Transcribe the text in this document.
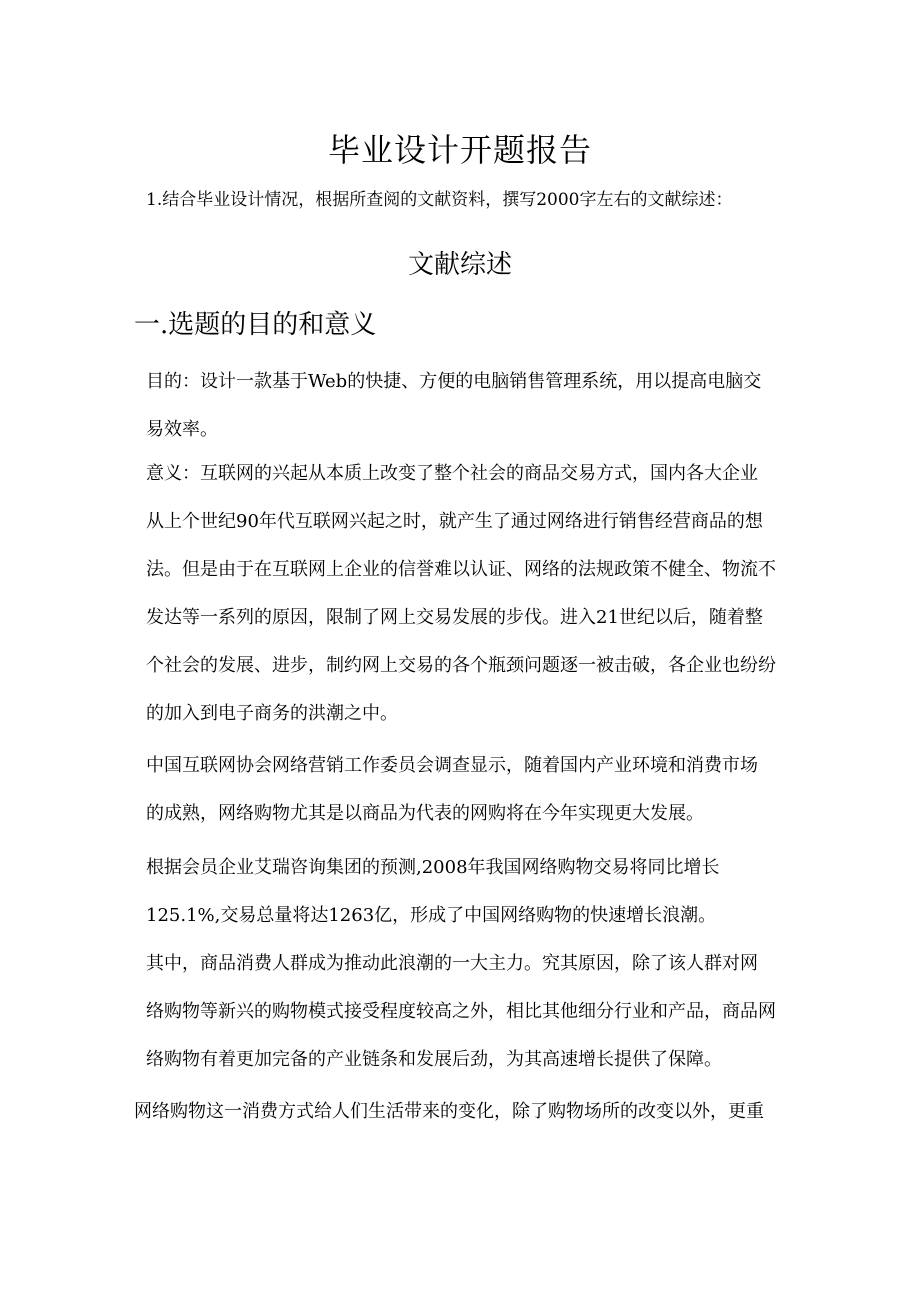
毕业设计开题报告
1.结合毕业设计情况，根据所查阅的文献资料，撰写2000字左右的文献综述：
文献综述
一.选题的目的和意义
目的：设计一款基于Web的快捷、方便的电脑销售管理系统，用以提高电脑交
易效率。
意义：互联网的兴起从本质上改变了整个社会的商品交易方式，国内各大企业
从上个世纪90年代互联网兴起之时，就产生了通过网络进行销售经营商品的想
法。但是由于在互联网上企业的信誉难以认证、网络的法规政策不健全、物流不
发达等一系列的原因，限制了网上交易发展的步伐。进入21世纪以后，随着整
个社会的发展、进步，制约网上交易的各个瓶颈问题逐一被击破，各企业也纷纷
的加入到电子商务的洪潮之中。
中国互联网协会网络营销工作委员会调查显示，随着国内产业环境和消费市场
的成熟，网络购物尤其是以商品为代表的网购将在今年实现更大发展。
根据会员企业艾瑞咨询集团的预测,2008年我国网络购物交易将同比增长
125.1%,交易总量将达1263亿，形成了中国网络购物的快速增长浪潮。
其中，商品消费人群成为推动此浪潮的一大主力。究其原因，除了该人群对网
络购物等新兴的购物模式接受程度较高之外，相比其他细分行业和产品，商品网
络购物有着更加完备的产业链条和发展后劲，为其高速增长提供了保障。
网络购物这一消费方式给人们生活带来的变化，除了购物场所的改变以外，更重
